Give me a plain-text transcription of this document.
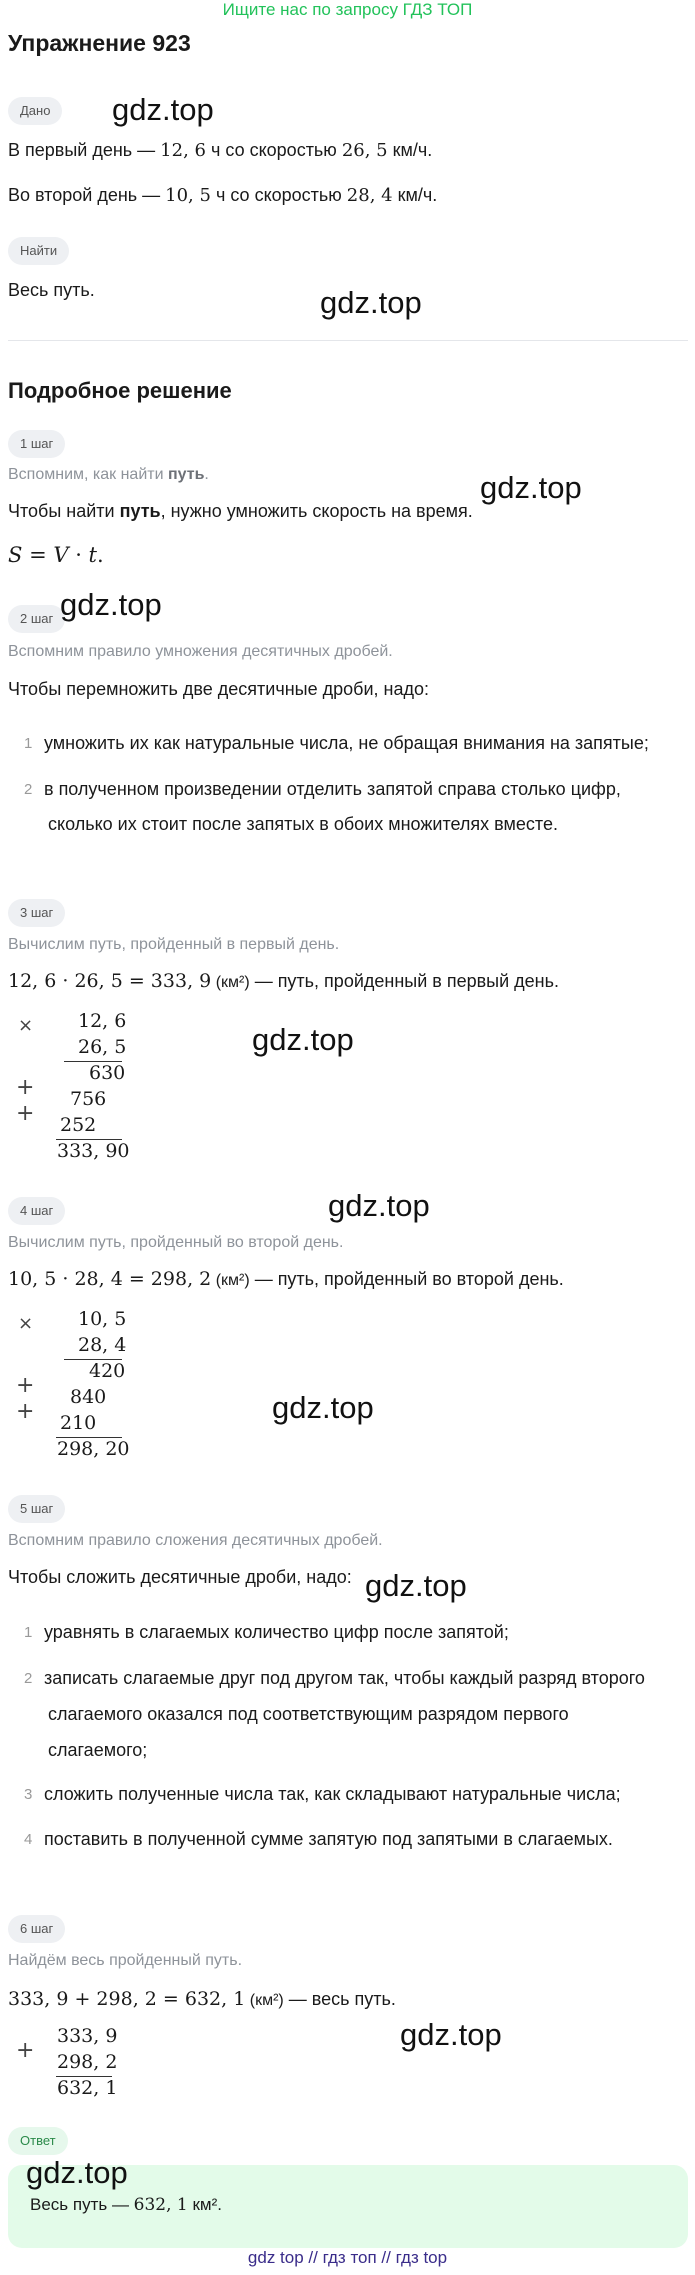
Ищите нас по запросу ГДЗ ТОП
Упражнение 923
Дано	gdz.top
В первый день — 12, 6 ч со скоростью 26, 5 км/ч.
Во второй день — 10, 5 ч со скоростью 28, 4 км/ч.
Найти
Весь путь.	gdz.top
Подробное решение
1 шаг
Вспомним, как найти путь.	gdz.top
Чтобы найти путь, нужно умножить скорость на время.
S = V · t.
2 шаг gdz.top
Вспомним правило умножения десятичных дробей.
Чтобы перемножить две десятичные дроби, надо:
1 умножить их как натуральные числа, не обращая внимания на запятые;
2 в полученном произведении отделить запятой справа столько цифр,
сколько их стоит после запятых в обоих множителях вместе.
3 шаг
Вычислим путь, пройденный в первый день.
12, 6 · 26, 5 = 333, 9 (км²) — путь, пройденный в первый день.
× 12, 6
26, 5
630
+ 756
+ 252
333, 90
gdz.top
gdz.top
4 шаг
Вычислим путь, пройденный во второй день.
10, 5 · 28, 4 = 298, 2 (км²) — путь, пройденный во второй день.
× 10, 5
28, 4
420
+ 840
+ 210
298, 20
gdz.top
5 шаг
Вспомним правило сложения десятичных дробей.
Чтобы сложить десятичные дроби, надо: gdz.top
1 уравнять в слагаемых количество цифр после запятой;
2 записать слагаемые друг под другом так, чтобы каждый разряд второго
слагаемого оказался под соответствующим разрядом первого
слагаемого;
3 сложить полученные числа так, как складывают натуральные числа;
4 поставить в полученной сумме запятую под запятыми в слагаемых.
6 шаг
Найдём весь пройденный путь.
333, 9 + 298, 2 = 632, 1 (км²) — весь путь.
gdz.top
+
333, 9
298, 2
632, 1
Ответ
gdz.top
Весь путь — 632, 1 км².
gdz top // гдз топ // гдз top
